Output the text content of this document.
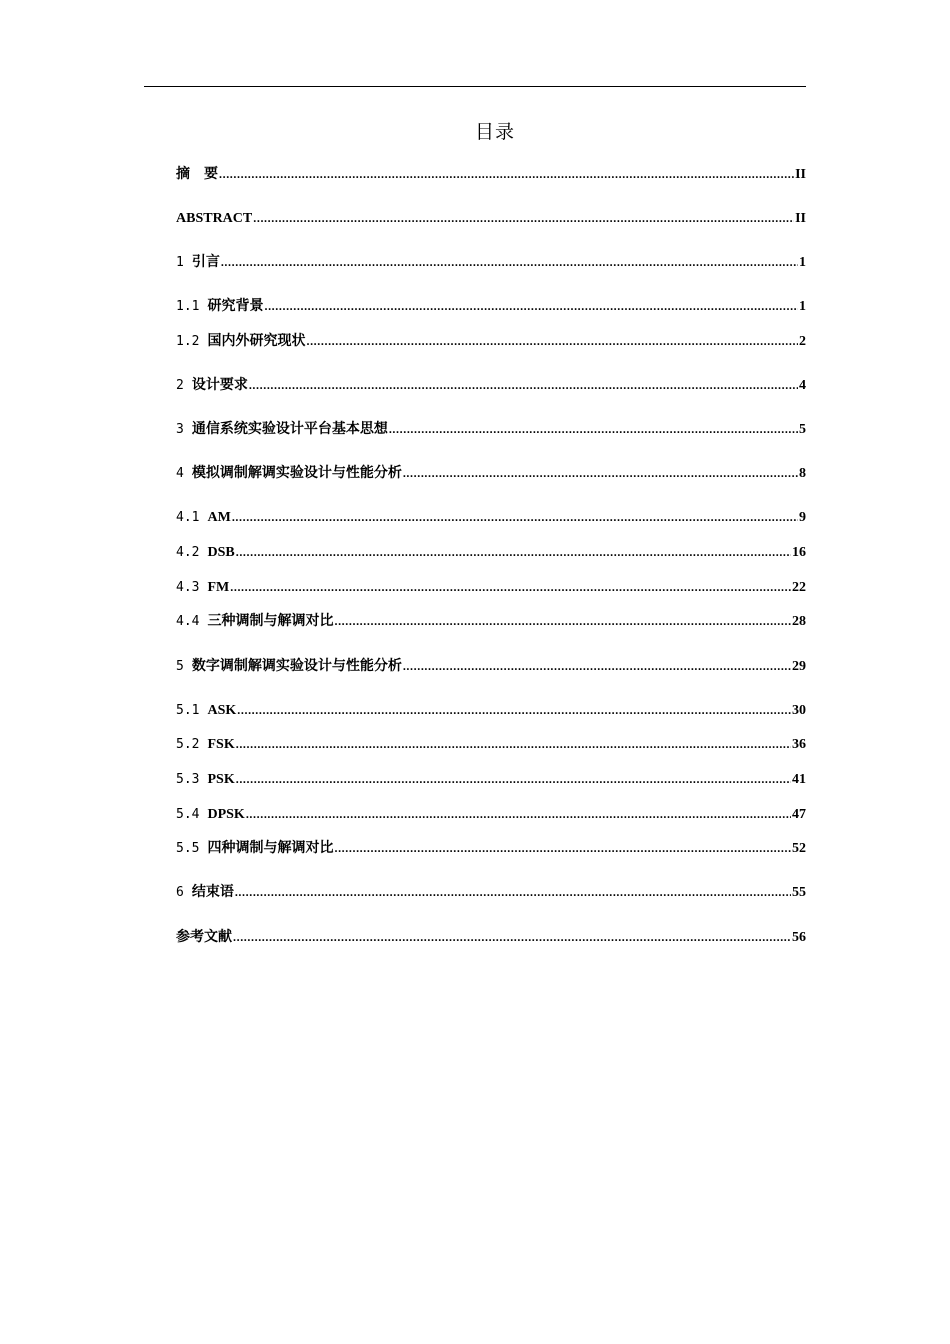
目录
摘　要 .....	II
ABSTRACT .....	II
1 引言 .....	1
1.1 研究背景 .....	1
1.2 国内外研究现状 .....	2
2 设计要求 .....	4
3 通信系统实验设计平台基本思想 .....	5
4 模拟调制解调实验设计与性能分析 .....	8
4.1 AM .....	9
4.2 DSB .....	16
4.3 FM .....	22
4.4 三种调制与解调对比 .....	28
5 数字调制解调实验设计与性能分析 .....	29
5.1 ASK .....	30
5.2 FSK .....	36
5.3 PSK .....	41
5.4 DPSK .....	47
5.5 四种调制与解调对比 .....	52
6 结束语 .....	55
参考文献 .....	56
